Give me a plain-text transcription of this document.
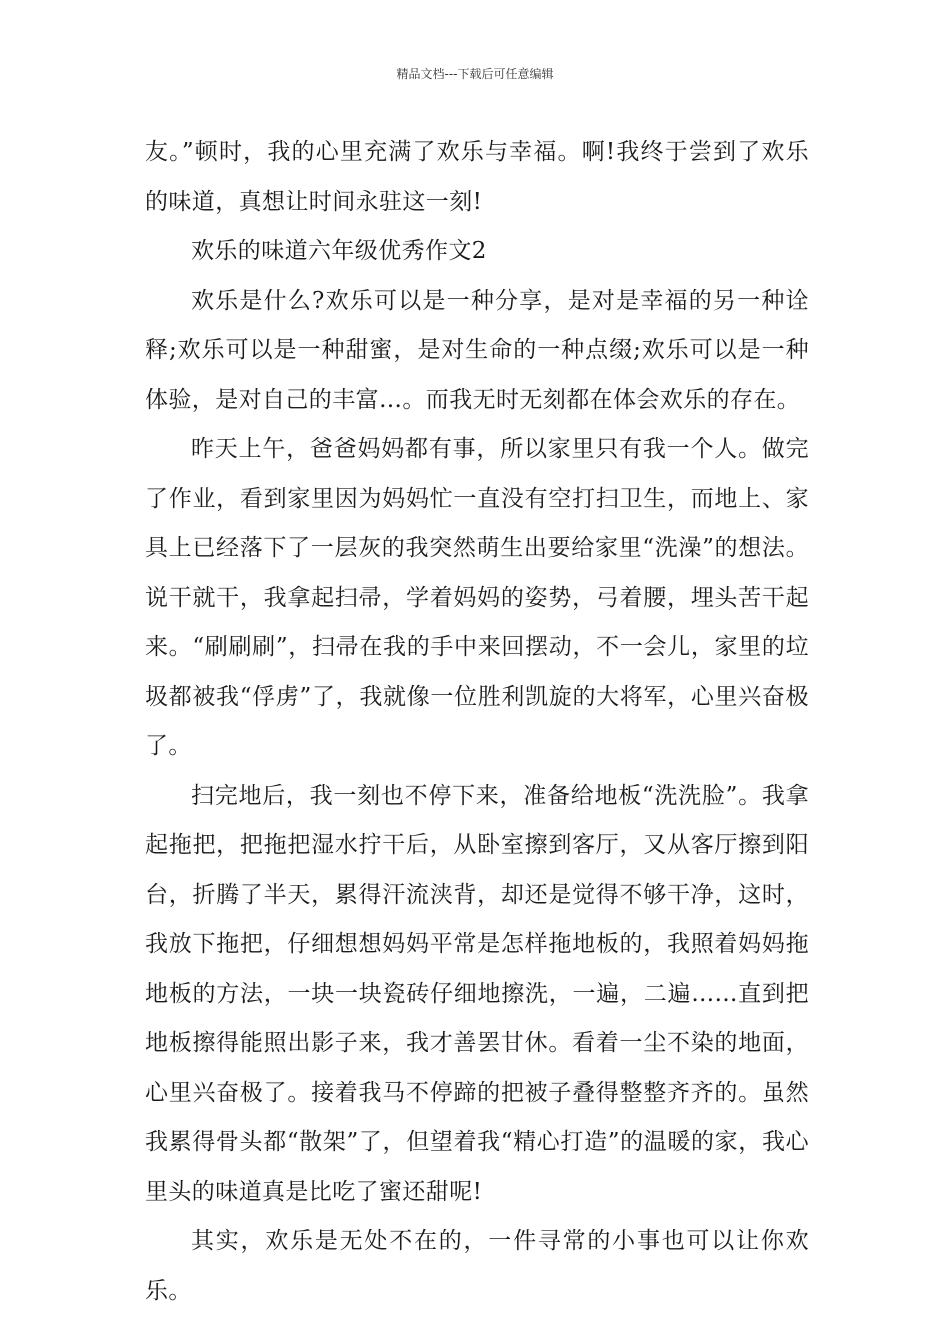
精品文档---下载后可任意编辑

友。”顿时，我的心里充满了欢乐与幸福。啊!我终于尝到了欢乐的味道，真想让时间永驻这一刻!

欢乐的味道六年级优秀作文2

欢乐是什么?欢乐可以是一种分享，是对是幸福的另一种诠释;欢乐可以是一种甜蜜，是对生命的一种点缀;欢乐可以是一种体验，是对自己的丰富…。而我无时无刻都在体会欢乐的存在。

昨天上午，爸爸妈妈都有事，所以家里只有我一个人。做完了作业，看到家里因为妈妈忙一直没有空打扫卫生，而地上、家具上已经落下了一层灰的我突然萌生出要给家里“洗澡”的想法。说干就干，我拿起扫帚，学着妈妈的姿势，弓着腰，埋头苦干起来。“刷刷刷”，扫帚在我的手中来回摆动，不一会儿，家里的垃圾都被我“俘虏”了，我就像一位胜利凯旋的大将军，心里兴奋极了。

扫完地后，我一刻也不停下来，准备给地板“洗洗脸”。我拿起拖把，把拖把湿水拧干后，从卧室擦到客厅，又从客厅擦到阳台，折腾了半天，累得汗流浃背，却还是觉得不够干净，这时，我放下拖把，仔细想想妈妈平常是怎样拖地板的，我照着妈妈拖地板的方法，一块一块瓷砖仔细地擦洗，一遍，二遍…...直到把地板擦得能照出影子来，我才善罢甘休。看着一尘不染的地面，心里兴奋极了。接着我马不停蹄的把被子叠得整整齐齐的。虽然我累得骨头都“散架”了，但望着我“精心打造”的温暖的家，我心里头的味道真是比吃了蜜还甜呢!

其实，欢乐是无处不在的，一件寻常的小事也可以让你欢乐。
